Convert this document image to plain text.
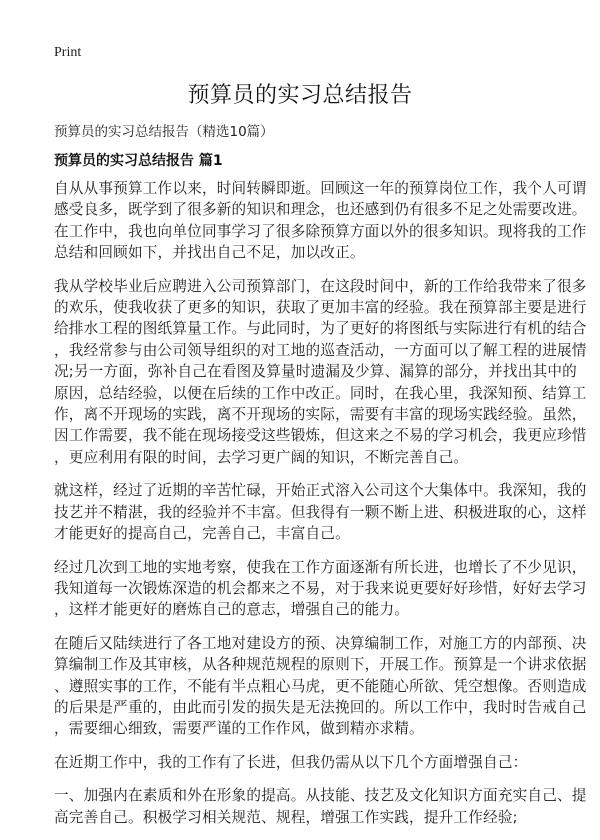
Print
预算员的实习总结报告

预算员的实习总结报告（精选10篇）

预算员的实习总结报告 篇1

自从从事预算工作以来，时间转瞬即逝。回顾这一年的预算岗位工作，我个人可谓
感受良多，既学到了很多新的知识和理念，也还感到仍有很多不足之处需要改进。
在工作中，我也向单位同事学习了很多除预算方面以外的很多知识。现将我的工作
总结和回顾如下，并找出自己不足，加以改正。

我从学校毕业后应聘进入公司预算部门，在这段时间中，新的工作给我带来了很多
的欢乐，使我收获了更多的知识，获取了更加丰富的经验。我在预算部主要是进行
给排水工程的图纸算量工作。与此同时，为了更好的将图纸与实际进行有机的结合
，我经常参与由公司领导组织的对工地的巡查活动，一方面可以了解工程的进展情
况;另一方面，弥补自己在看图及算量时遗漏及少算、漏算的部分，并找出其中的
原因，总结经验，以便在后续的工作中改正。同时，在我心里，我深知预、结算工
作，离不开现场的实践，离不开现场的实际，需要有丰富的现场实践经验。虽然，
因工作需要，我不能在现场接受这些锻炼，但这来之不易的学习机会，我更应珍惜
，更应利用有限的时间，去学习更广阔的知识，不断完善自己。

就这样，经过了近期的辛苦忙碌，开始正式溶入公司这个大集体中。我深知，我的
技艺并不精湛，我的经验并不丰富。但我得有一颗不断上进、积极进取的心，这样
才能更好的提高自己，完善自己，丰富自己。

经过几次到工地的实地考察，使我在工作方面逐渐有所长进，也增长了不少见识，
我知道每一次锻炼深造的机会都来之不易，对于我来说更要好好珍惜，好好去学习
，这样才能更好的磨炼自己的意志，增强自己的能力。

在随后又陆续进行了各工地对建设方的预、决算编制工作，对施工方的内部预、决
算编制工作及其审核，从各种规范规程的原则下，开展工作。预算是一个讲求依据
、遵照实事的工作，不能有半点粗心马虎，更不能随心所欲、凭空想像。否则造成
的后果是严重的，由此而引发的损失是无法挽回的。所以工作中，我时时告戒自己
，需要细心细致，需要严谨的工作作风，做到精亦求精。

在近期工作中，我的工作有了长进，但我仍需从以下几个方面增强自己：

一、加强内在素质和外在形象的提高。从技能、技艺及文化知识方面充实自己、提
高完善自己。积极学习相关规范、规程，增强工作实践，提升工作经验;
